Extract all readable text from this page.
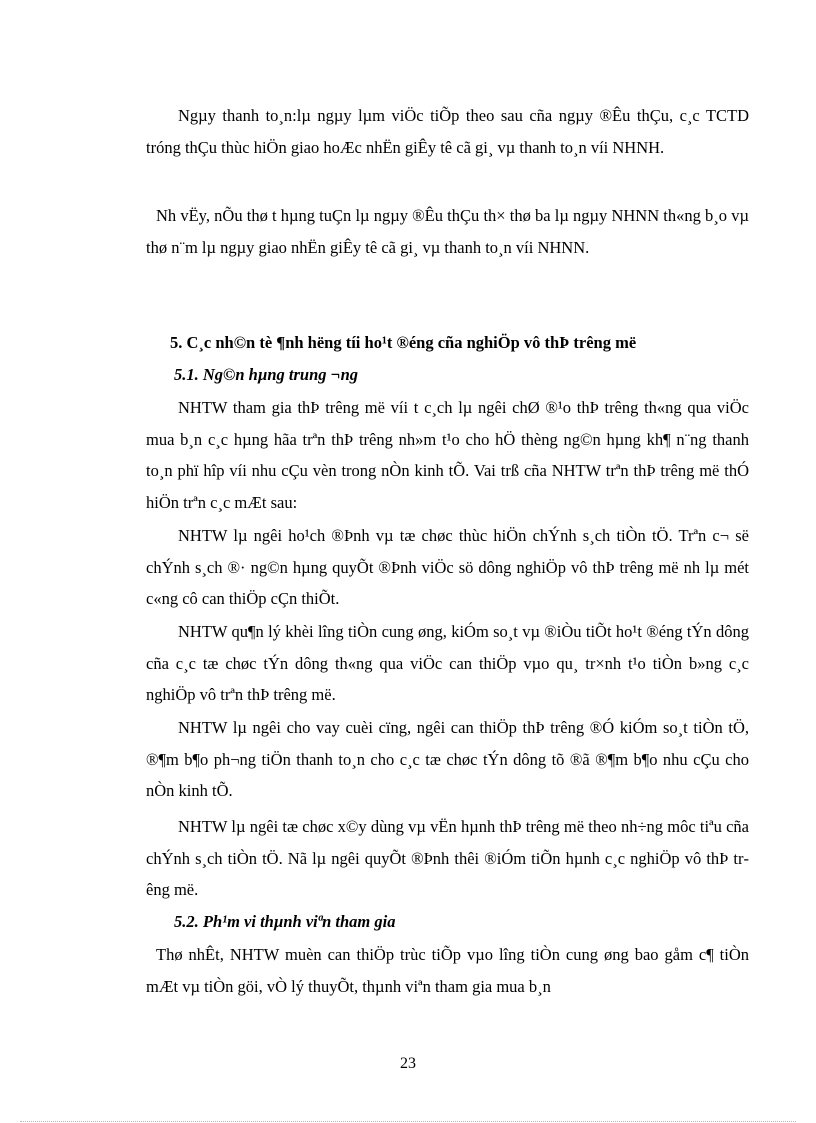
Ngµy thanh to¸n:lµ ngµy lµm viÖc tiÕp theo sau cña ngµy ®Êu thÇu, c¸c TCTD tróng thÇu thùc hiÖn giao hoÆc nhËn giÊy tê cã gi¸ vµ thanh to¸n víi NHNH.

Nh vËy, nÕu thø t hµng tuÇn lµ ngµy ®Êu thÇu th× thø ba lµ ngµy NHNN th«ng b¸o vµ thø n¨m lµ ngµy giao nhËn giÊy tê cã gi¸ vµ thanh to¸n víi NHNN.

5. C¸c nh©n tè ¶nh hëng tíi ho¹t ®éng cña nghiÖp vô thÞ trêng më
5.1. Ng©n hµng trung ¬ng

NHTW tham gia thÞ trêng më víi t c¸ch lµ ngêi chØ ®¹o thÞ trêng th«ng qua viÖc mua b¸n c¸c hµng hãa trªn thÞ trêng nh»m t¹o cho hÖ thèng ng©n hµng kh¶ n¨ng thanh to¸n phï hîp víi nhu cÇu vèn trong nÒn kinh tÕ. Vai trß cña NHTW trªn thÞ trêng më thÓ hiÖn trªn c¸c mÆt sau:

NHTW lµ ngêi ho¹ch ®Þnh vµ tæ chøc thùc hiÖn chÝnh s¸ch tiÒn tÖ. Trªn c¬ së chÝnh s¸ch ®· ng©n hµng quyÕt ®Þnh viÖc sö dông nghiÖp vô thÞ trêng më nh lµ mét c«ng cô can thiÖp cÇn thiÕt.

NHTW qu¶n lý khèi lîng tiÒn cung øng, kiÓm so¸t vµ ®iÒu tiÕt ho¹t ®éng tÝn dông cña c¸c tæ chøc tÝn dông th«ng qua viÖc can thiÖp vµo qu¸ tr×nh t¹o tiÒn b»ng c¸c nghiÖp vô trªn thÞ trêng më.

NHTW lµ ngêi cho vay cuèi cïng, ngêi can thiÖp thÞ trêng ®Ó kiÓm so¸t tiÒn tÖ, ®¶m b¶o ph¬ng tiÖn thanh to¸n cho c¸c tæ chøc tÝn dông tõ ®ã ®¶m b¶o nhu cÇu cho nÒn kinh tÕ.

NHTW lµ ngêi tæ chøc x©y dùng vµ vËn hµnh thÞ trêng më theo nh÷ng môc tiªu cña chÝnh s¸ch tiÒn tÖ. Nã lµ ngêi quyÕt ®Þnh thêi ®iÓm tiÕn hµnh c¸c nghiÖp vô thÞ trêng më.

5.2. Ph¹m vi thµnh viªn tham gia

Thø nhÊt, NHTW muèn can thiÖp trùc tiÕp vµo lîng tiÒn cung øng bao gåm c¶ tiÒn mÆt vµ tiÒn göi, vÒ lý thuyÕt, thµnh viªn tham gia mua b¸n

23
